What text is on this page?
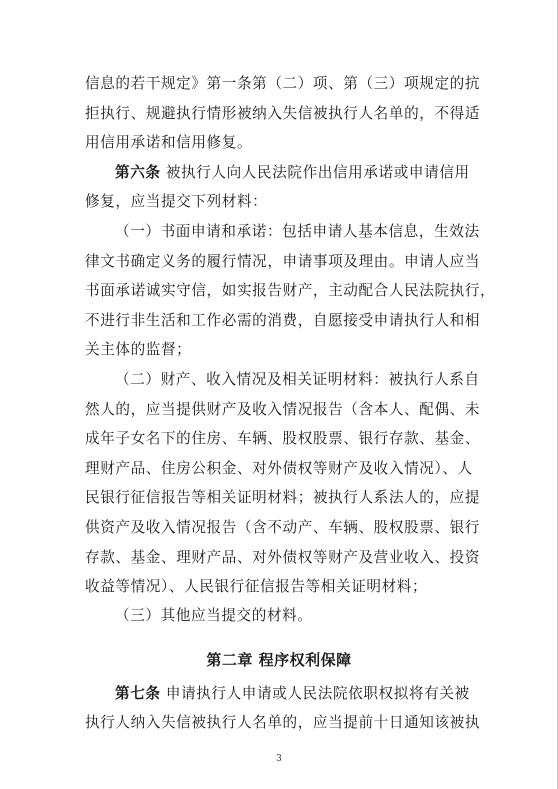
信息的若干规定》第一条第（二）项、第（三）项规定的抗
拒执行、规避执行情形被纳入失信被执行人名单的，不得适
用信用承诺和信用修复。
第六条 被执行人向人民法院作出信用承诺或申请信用
修复，应当提交下列材料：
（一）书面申请和承诺：包括申请人基本信息，生效法
律文书确定义务的履行情况，申请事项及理由。申请人应当
书面承诺诚实守信，如实报告财产，主动配合人民法院执行，
不进行非生活和工作必需的消费，自愿接受申请执行人和相
关主体的监督；
（二）财产、收入情况及相关证明材料：被执行人系自
然人的，应当提供财产及收入情况报告（含本人、配偶、未
成年子女名下的住房、车辆、股权股票、银行存款、基金、
理财产品、住房公积金、对外债权等财产及收入情况）、人
民银行征信报告等相关证明材料；被执行人系法人的，应提
供资产及收入情况报告（含不动产、车辆、股权股票、银行
存款、基金、理财产品、对外债权等财产及营业收入、投资
收益等情况）、人民银行征信报告等相关证明材料；
（三）其他应当提交的材料。
第二章 程序权利保障
第七条 申请执行人申请或人民法院依职权拟将有关被
执行人纳入失信被执行人名单的，应当提前十日通知该被执
3
